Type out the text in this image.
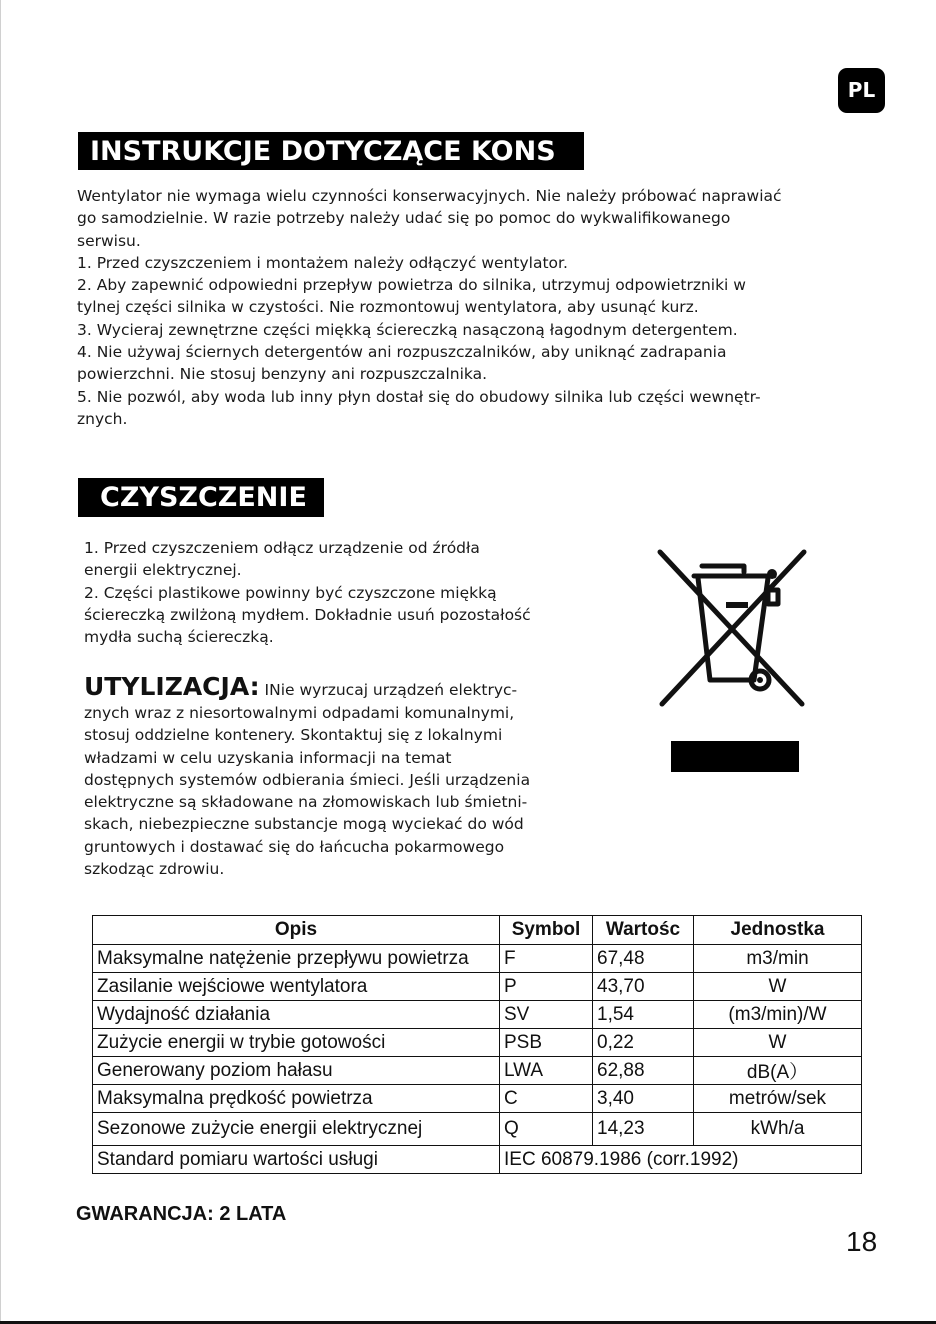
PL
INSTRUKCJE DOTYCZĄCE KONS
Wentylator nie wymaga wielu czynności konserwacyjnych. Nie należy próbować naprawiać
go samodzielnie. W razie potrzeby należy udać się po pomoc do wykwalifikowanego
serwisu.
1. Przed czyszczeniem i montażem należy odłączyć wentylator.
2. Aby zapewnić odpowiedni przepływ powietrza do silnika, utrzymuj odpowietrzniki w
tylnej części silnika w czystości. Nie rozmontowuj wentylatora, aby usunąć kurz.
3. Wycieraj zewnętrzne części miękką ściereczką nasączoną łagodnym detergentem.
4. Nie używaj ściernych detergentów ani rozpuszczalników, aby uniknąć zadrapania
powierzchni. Nie stosuj benzyny ani rozpuszczalnika.
5. Nie pozwól, aby woda lub inny płyn dostał się do obudowy silnika lub części wewnętr-
znych.
CZYSZCZENIE
1. Przed czyszczeniem odłącz urządzenie od źródła
energii elektrycznej.
2. Części plastikowe powinny być czyszczone miękką
ściereczką zwilżoną mydłem. Dokładnie usuń pozostałość
mydła suchą ściereczką.
UTYLIZACJA: INie wyrzucaj urządzeń elektryc-
znych wraz z niesortowalnymi odpadami komunalnymi,
stosuj oddzielne kontenery. Skontaktuj się z lokalnymi
władzami w celu uzyskania informacji na temat
dostępnych systemów odbierania śmieci. Jeśli urządzenia
elektryczne są składowane na złomowiskach lub śmietni-
skach, niebezpieczne substancje mogą wyciekać do wód
gruntowych i dostawać się do łańcucha pokarmowego
szkodząc zdrowiu.
Opis	Symbol	Wartośc	Jednostka
Maksymalne natężenie przepływu powietrza	F	67,48	m3/min
Zasilanie wejściowe wentylatora	P	43,70	W
Wydajność działania	SV	1,54	(m3/min)/W
Zużycie energii w trybie gotowości	PSB	0,22	W
Generowany poziom hałasu	LWA	62,88	dB(A）
Maksymalna prędkość powietrza	C	3,40	metrów/sek
Sezonowe zużycie energii elektrycznej	Q	14,23	kWh/a
Standard pomiaru wartości usługi	IEC 60879.1986 (corr.1992)		
GWARANCJA: 2 LATA
18
